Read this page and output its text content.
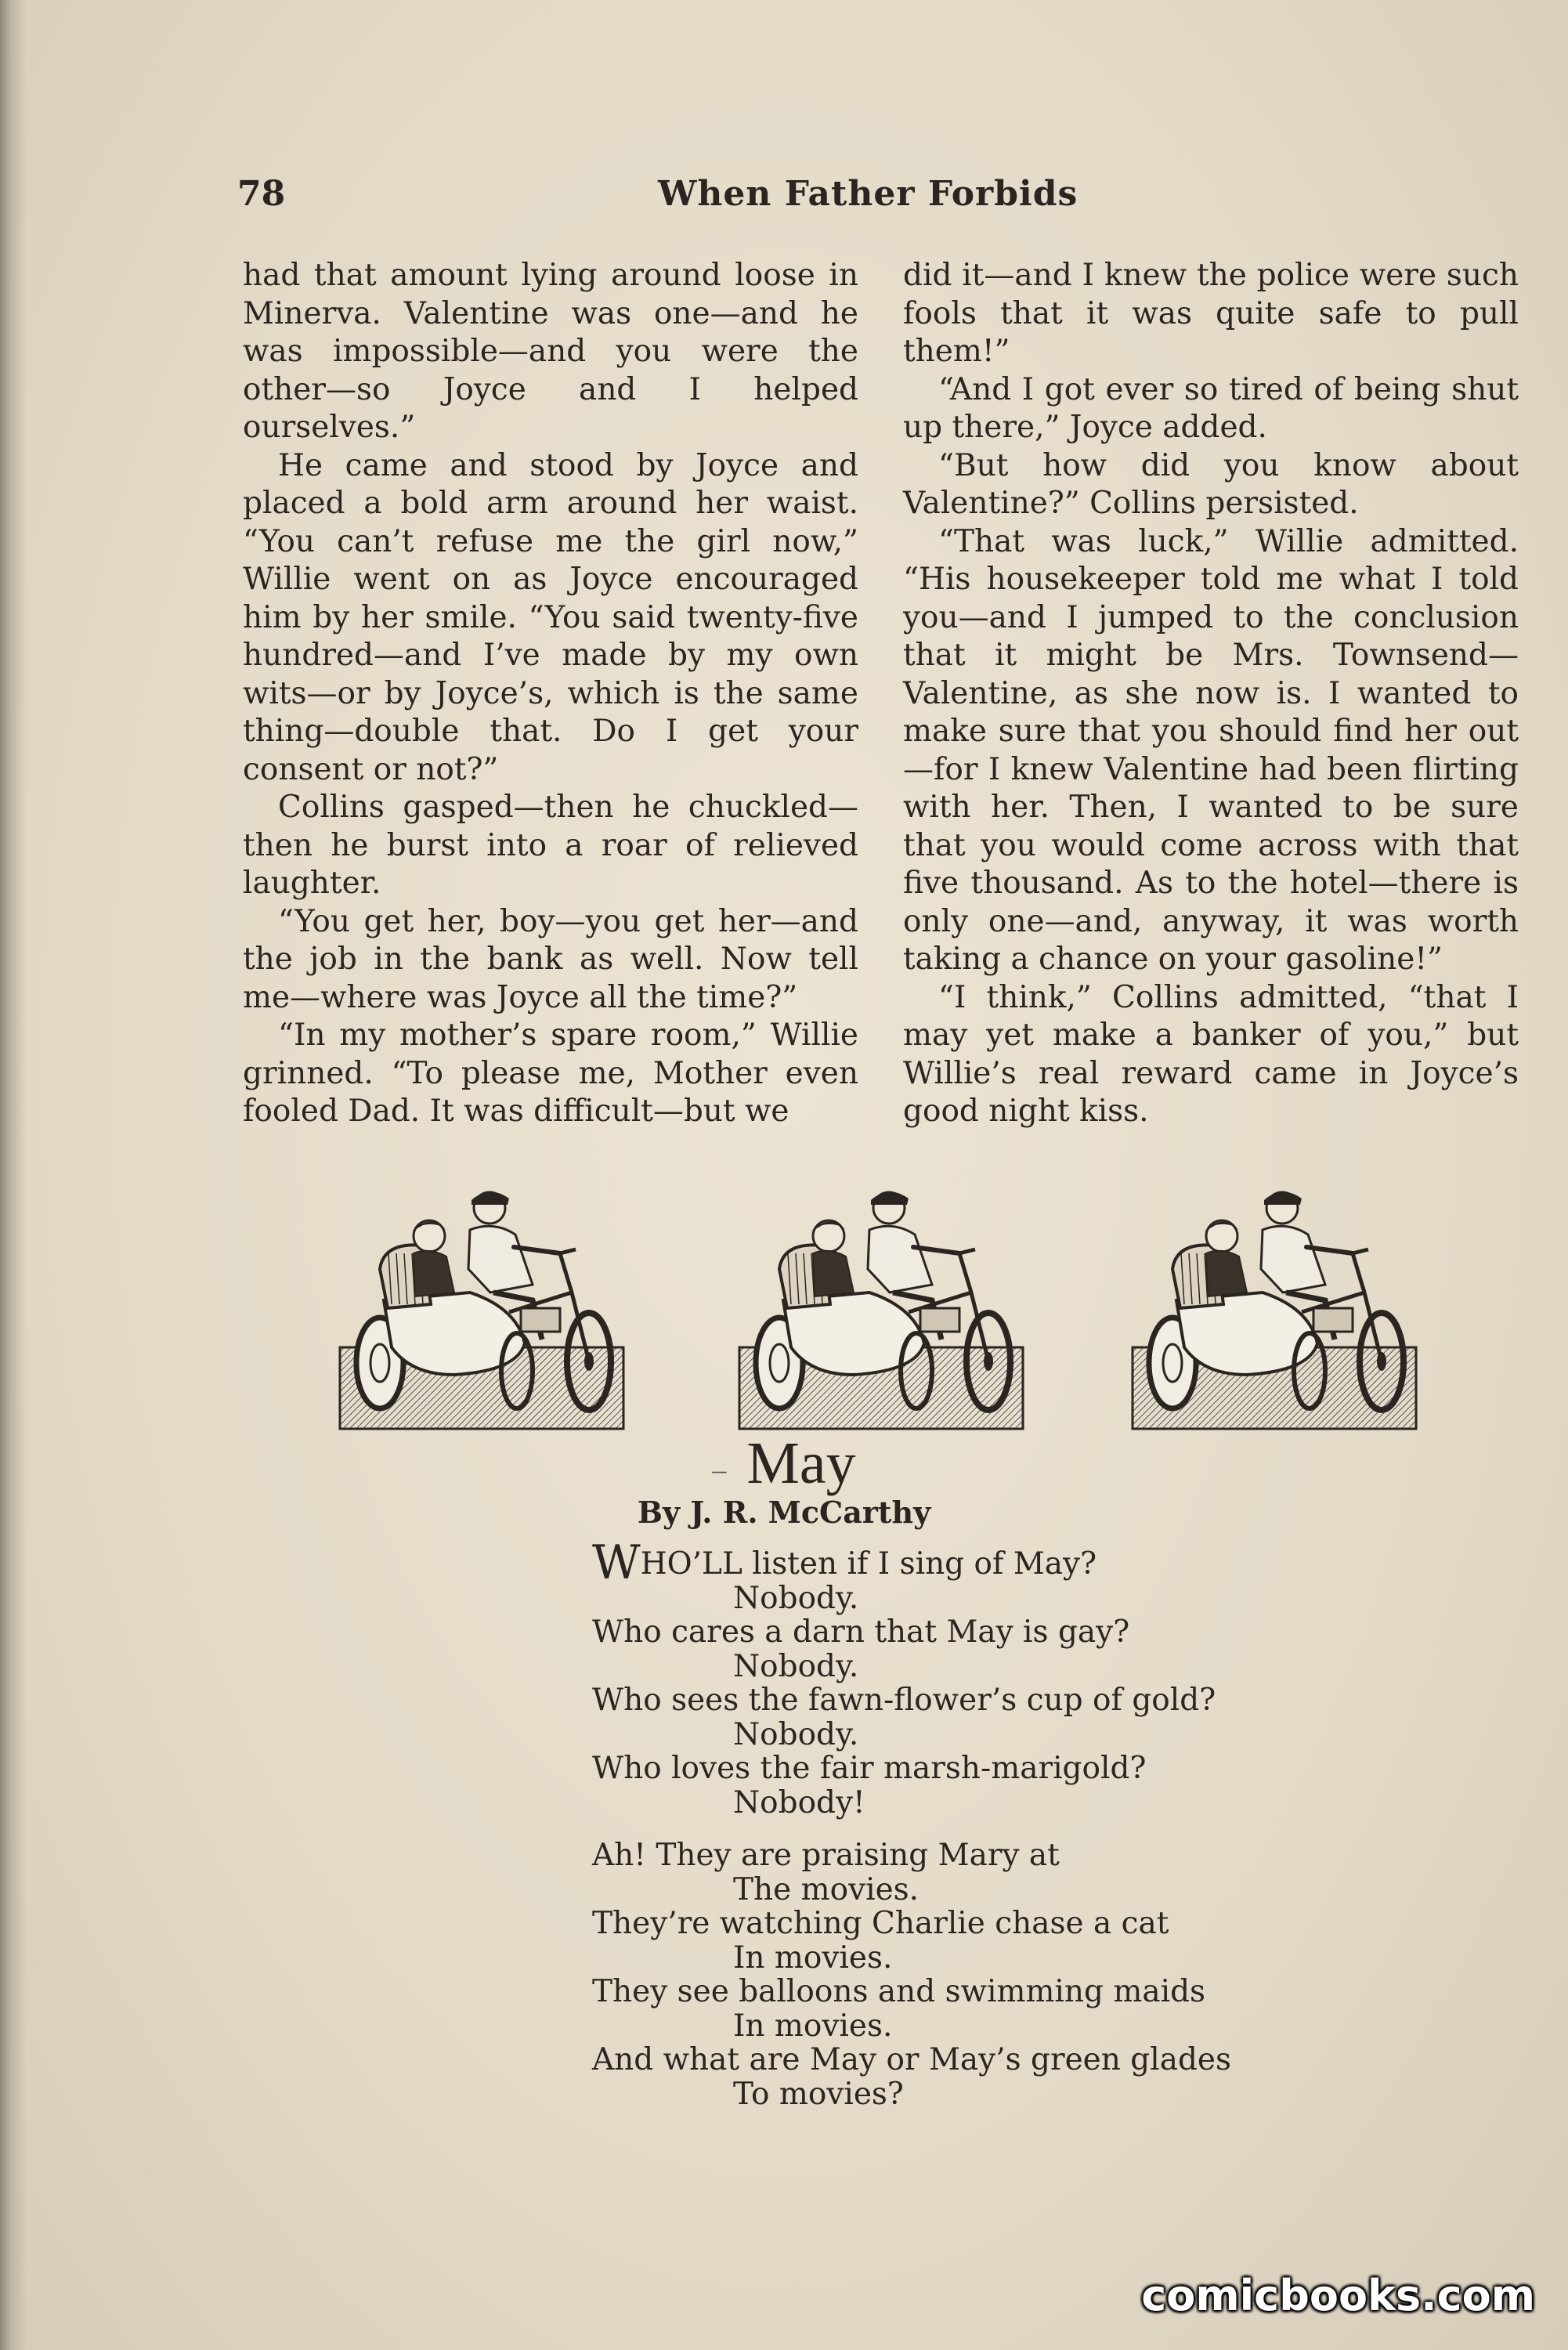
78	When Father Forbids

had that amount lying around loose in Minerva. Valentine was one—and he was impossible—and you were the other—so Joyce and I helped ourselves.”

He came and stood by Joyce and placed a bold arm around her waist. “You can’t refuse me the girl now,” Willie went on as Joyce encouraged him by her smile. “You said twenty-five hundred—and I’ve made by my own wits—or by Joyce’s, which is the same thing—double that. Do I get your consent or not?”

Collins gasped—then he chuckled—then he burst into a roar of relieved laughter.

“You get her, boy—you get her—and the job in the bank as well. Now tell me—where was Joyce all the time?”

“In my mother’s spare room,” Willie grinned. “To please me, Mother even fooled Dad. It was difficult—but we

did it—and I knew the police were such fools that it was quite safe to pull them!”

“And I got ever so tired of being shut up there,” Joyce added.

“But how did you know about Valentine?” Collins persisted.

“That was luck,” Willie admitted. “His housekeeper told me what I told you—and I jumped to the conclusion that it might be Mrs. Townsend—Valentine, as she now is. I wanted to make sure that you should find her out —for I knew Valentine had been flirting with her. Then, I wanted to be sure that you would come across with that five thousand. As to the hotel—there is only one—and, anyway, it was worth taking a chance on your gasoline!”

“I think,” Collins admitted, “that I may yet make a banker of you,” but Willie’s real reward came in Joyce’s good night kiss.

– May
By J. R. McCarthy
WHO’LL listen if I sing of May?
Nobody.
Who cares a darn that May is gay?
Nobody.
Who sees the fawn-flower’s cup of gold?
Nobody.
Who loves the fair marsh-marigold?
Nobody!
Ah! They are praising Mary at
The movies.
They’re watching Charlie chase a cat
In movies.
They see balloons and swimming maids
In movies.
And what are May or May’s green glades
To movies?
comicbooks.com
